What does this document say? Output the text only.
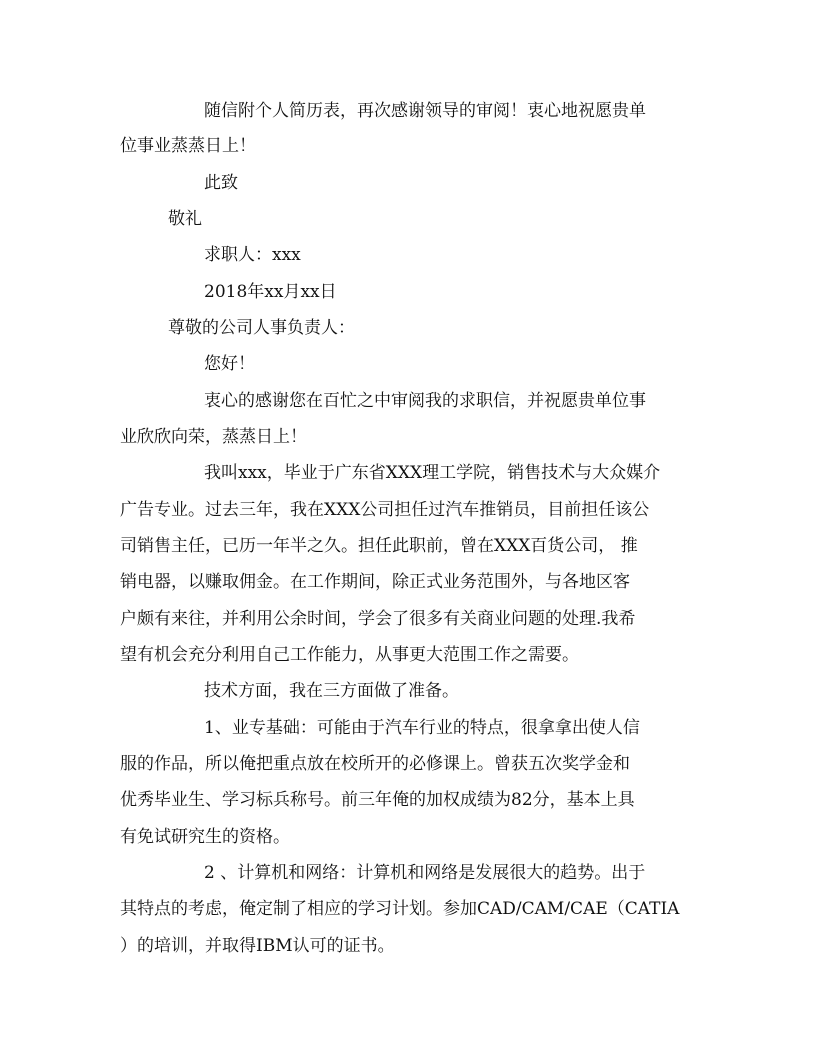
随信附个人简历表，再次感谢领导的审阅！衷心地祝愿贵单
位事业蒸蒸日上！
此致
敬礼
求职人：xxx
2018年xx月xx日
尊敬的公司人事负责人：
您好！
衷心的感谢您在百忙之中审阅我的求职信，并祝愿贵单位事
业欣欣向荣，蒸蒸日上！
我叫xxx，毕业于广东省XXX理工学院，销售技术与大众媒介
广告专业。过去三年，我在XXX公司担任过汽车推销员，目前担任该公
司销售主任，已历一年半之久。担任此职前，曾在XXX百货公司， 推
销电器，以赚取佣金。在工作期间，除正式业务范围外，与各地区客
户颇有来往，并利用公余时间，学会了很多有关商业问题的处理.我希
望有机会充分利用自己工作能力，从事更大范围工作之需要。
技术方面，我在三方面做了准备。
1、业专基础：可能由于汽车行业的特点，很拿拿出使人信
服的作品，所以俺把重点放在校所开的必修课上。曾获五次奖学金和
优秀毕业生、学习标兵称号。前三年俺的加权成绩为82分，基本上具
有免试研究生的资格。
2 、计算机和网络：计算机和网络是发展很大的趋势。出于
其特点的考虑，俺定制了相应的学习计划。参加CAD/CAM/CAE（CATIA
）的培训，并取得IBM认可的证书。
